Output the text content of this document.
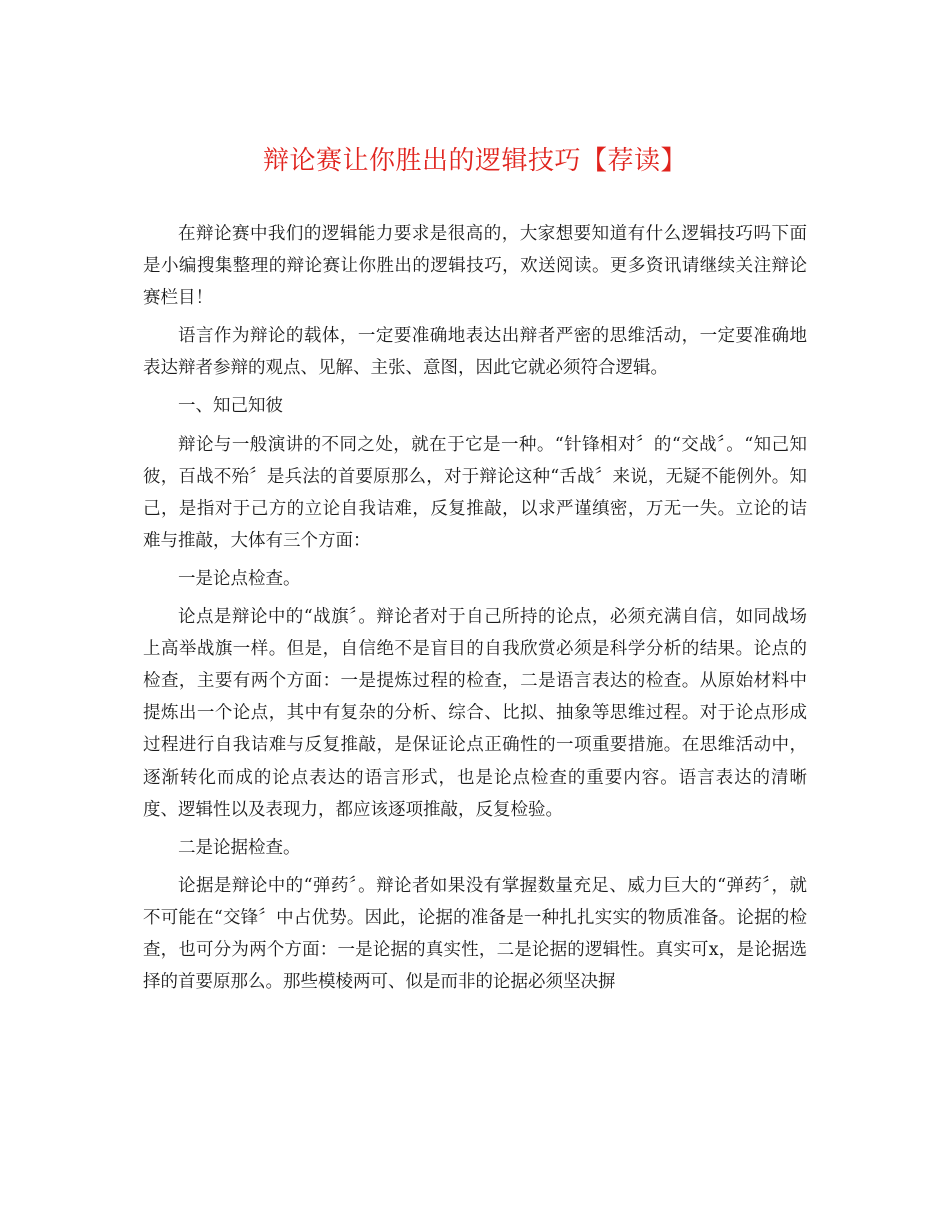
辩论赛让你胜出的逻辑技巧【荐读】

在辩论赛中我们的逻辑能力要求是很高的，大家想要知道有什么逻辑技巧吗下面是小编搜集整理的辩论赛让你胜出的逻辑技巧，欢送阅读。更多资讯请继续关注辩论赛栏目！

语言作为辩论的载体，一定要准确地表达出辩者严密的思维活动，一定要准确地表达辩者参辩的观点、见解、主张、意图，因此它就必须符合逻辑。

一、知己知彼

辩论与一般演讲的不同之处，就在于它是一种。“针锋相对〞的“交战〞。“知己知彼，百战不殆〞是兵法的首要原那么，对于辩论这种“舌战〞来说，无疑不能例外。知己，是指对于己方的立论自我诘难，反复推敲，以求严谨缜密，万无一失。立论的诘难与推敲，大体有三个方面：

一是论点检查。

论点是辩论中的“战旗〞。辩论者对于自己所持的论点，必须充满自信，如同战场上高举战旗一样。但是，自信绝不是盲目的自我欣赏必须是科学分析的结果。论点的检查，主要有两个方面：一是提炼过程的检查，二是语言表达的检查。从原始材料中提炼出一个论点，其中有复杂的分析、综合、比拟、抽象等思维过程。对于论点形成过程进行自我诘难与反复推敲，是保证论点正确性的一项重要措施。在思维活动中，逐渐转化而成的论点表达的语言形式，也是论点检查的重要内容。语言表达的清晰度、逻辑性以及表现力，都应该逐项推敲，反复检验。

二是论据检查。

论据是辩论中的“弹药〞。辩论者如果没有掌握数量充足、威力巨大的“弹药〞，就不可能在“交锋〞中占优势。因此，论据的准备是一种扎扎实实的物质准备。论据的检查，也可分为两个方面：一是论据的真实性，二是论据的逻辑性。真实可x，是论据选择的首要原那么。那些模棱两可、似是而非的论据必须坚决摒
